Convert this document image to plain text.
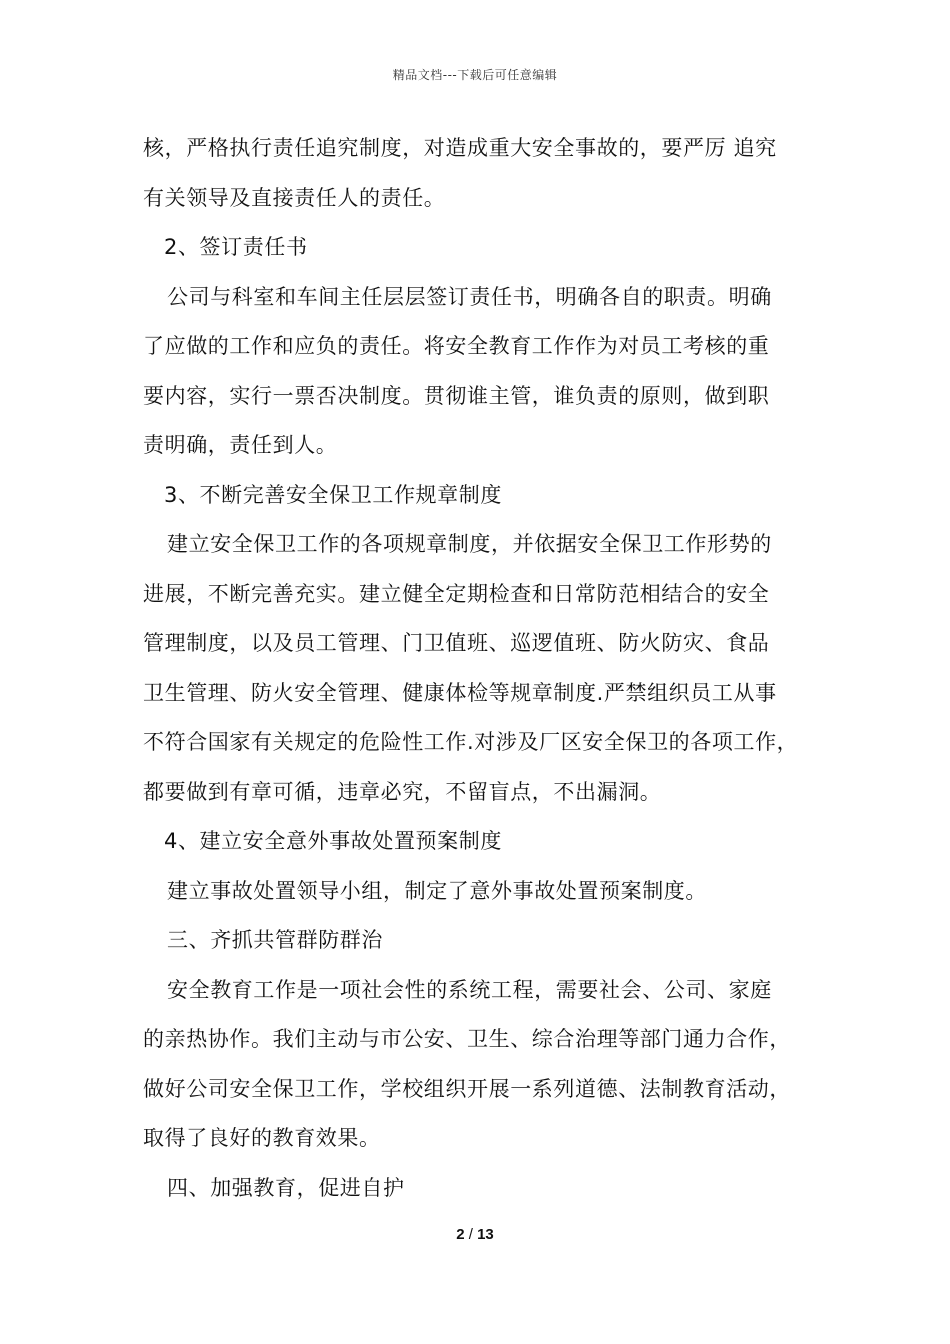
精品文档---下载后可任意编辑
核，严格执行责任追究制度，对造成重大安全事故的，要严厉 追究
有关领导及直接责任人的责任。
2、签订责任书
公司与科室和车间主任层层签订责任书，明确各自的职责。明确
了应做的工作和应负的责任。将安全教育工作作为对员工考核的重
要内容，实行一票否决制度。贯彻谁主管，谁负责的原则，做到职
责明确，责任到人。
3、不断完善安全保卫工作规章制度
建立安全保卫工作的各项规章制度，并依据安全保卫工作形势的
进展，不断完善充实。建立健全定期检查和日常防范相结合的安全
管理制度，以及员工管理、门卫值班、巡逻值班、防火防灾、食品
卫生管理、防火安全管理、健康体检等规章制度.严禁组织员工从事
不符合国家有关规定的危险性工作.对涉及厂区安全保卫的各项工作，
都要做到有章可循，违章必究，不留盲点，不出漏洞。
4、建立安全意外事故处置预案制度
建立事故处置领导小组，制定了意外事故处置预案制度。
三、齐抓共管群防群治
安全教育工作是一项社会性的系统工程，需要社会、公司、家庭
的亲热协作。我们主动与市公安、卫生、综合治理等部门通力合作，
做好公司安全保卫工作，学校组织开展一系列道德、法制教育活动，
取得了良好的教育效果。
四、加强教育，促进自护
2 / 13
